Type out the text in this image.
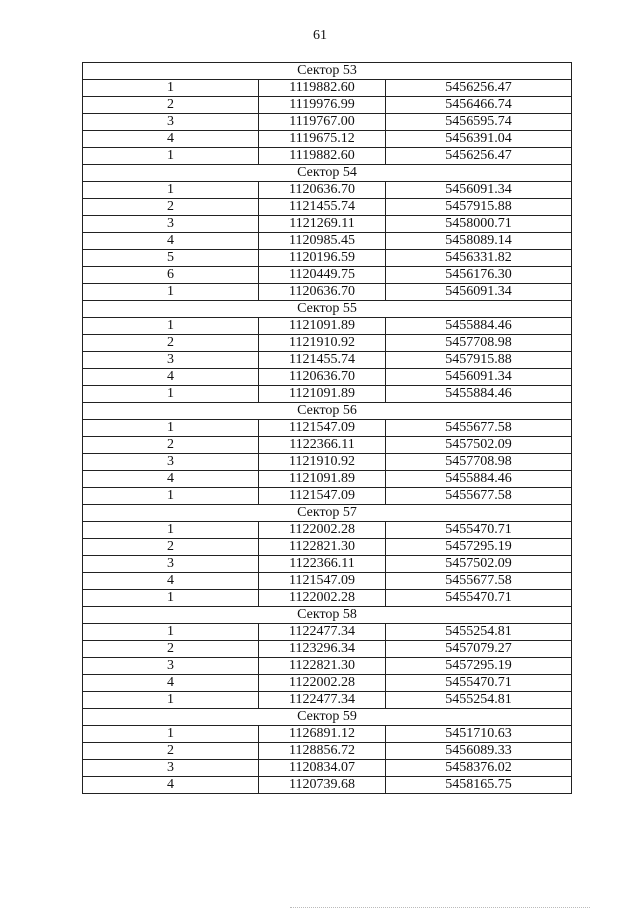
61
Сектор 53		
1	1119882.60	5456256.47
2	1119976.99	5456466.74
3	1119767.00	5456595.74
4	1119675.12	5456391.04
1	1119882.60	5456256.47
Сектор 54		
1	1120636.70	5456091.34
2	1121455.74	5457915.88
3	1121269.11	5458000.71
4	1120985.45	5458089.14
5	1120196.59	5456331.82
6	1120449.75	5456176.30
1	1120636.70	5456091.34
Сектор 55		
1	1121091.89	5455884.46
2	1121910.92	5457708.98
3	1121455.74	5457915.88
4	1120636.70	5456091.34
1	1121091.89	5455884.46
Сектор 56		
1	1121547.09	5455677.58
2	1122366.11	5457502.09
3	1121910.92	5457708.98
4	1121091.89	5455884.46
1	1121547.09	5455677.58
Сектор 57		
1	1122002.28	5455470.71
2	1122821.30	5457295.19
3	1122366.11	5457502.09
4	1121547.09	5455677.58
1	1122002.28	5455470.71
Сектор 58		
1	1122477.34	5455254.81
2	1123296.34	5457079.27
3	1122821.30	5457295.19
4	1122002.28	5455470.71
1	1122477.34	5455254.81
Сектор 59		
1	1126891.12	5451710.63
2	1128856.72	5456089.33
3	1120834.07	5458376.02
4	1120739.68	5458165.75
